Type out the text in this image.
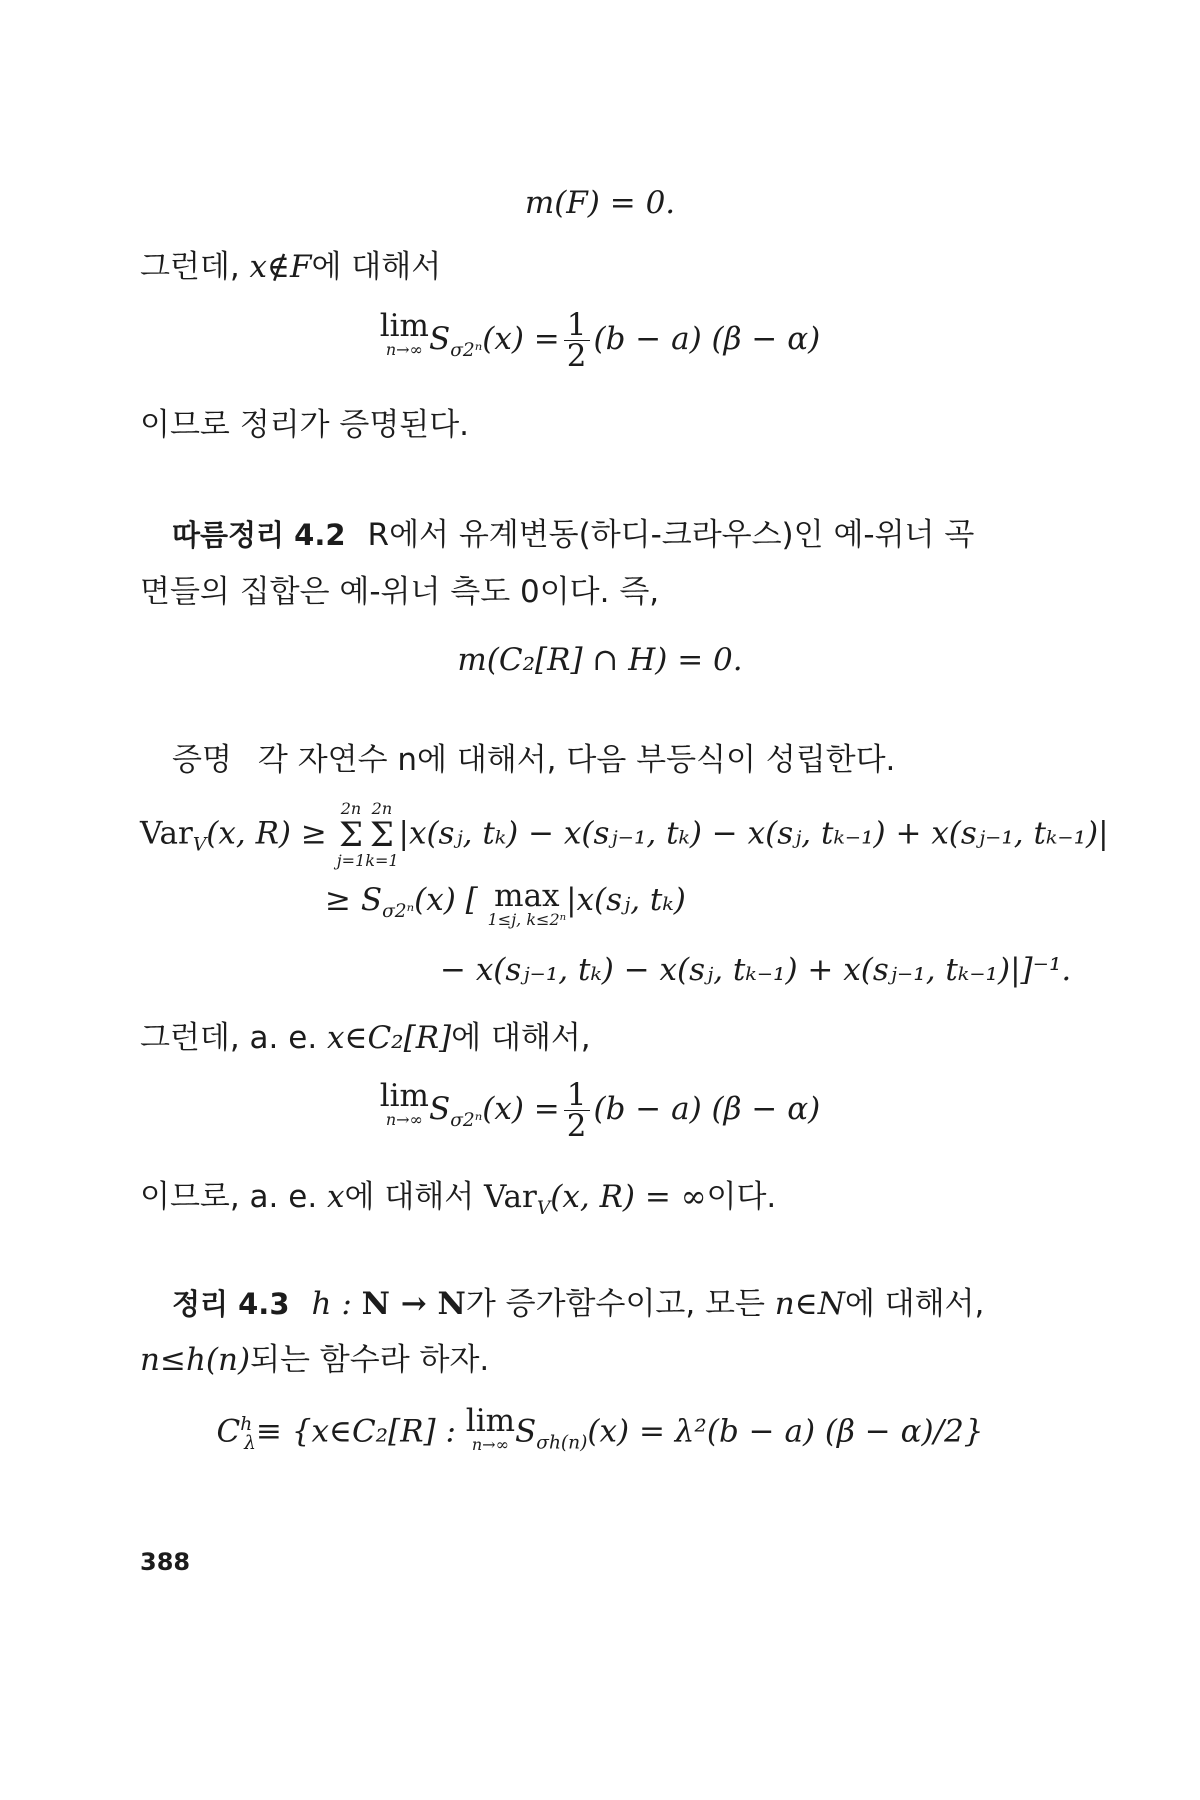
m(F) = 0.
그런데, x∉F에 대해서
lim
n→∞ $S_{\sigma 2^n}(x) = \frac{1}{2} (b - a) (\beta - \alpha)$
이므로 정리가 증명된다.
따름정리 4.2 R에서 유계변동(하디-크라우스)인 예-위너 곡
면들의 집합은 예-위너 측도 0이다. 즉,
m(C₂[R] ∩ H) = 0.
증명 각 자연수 n에 대해서, 다음 부등식이 성립한다.
Var$_V$(x, R) ≥
2n
Σ
j=1
2n
Σ
k=1
|x(sⱼ, tₖ) − x(sⱼ₋₁, tₖ) − x(sⱼ, tₖ₋₁) + x(sⱼ₋₁, tₖ₋₁)|
≥ $S_{\sigma 2^n}(x)$ [ max
1≤j, k≤2ⁿ
|x(sⱼ, tₖ)
− x(sⱼ₋₁, tₖ) − x(sⱼ, tₖ₋₁) + x(sⱼ₋₁, tₖ₋₁)|]⁻¹.
그런데, a. e. x∈C₂[R]에 대해서,
lim
n→∞ $S_{\sigma 2^n}(x) = \frac{1}{2} (b - a) (\beta - \alpha)$
이므로, a. e. x에 대해서 Var$_V$(x, R) = ∞이다.
정리 4.3 h : N → N가 증가함수이고, 모든 n∈N에 대해서,
n≤h(n)되는 함수라 하자.
$C^h_\lambda\equiv$ {x∈C₂[R] : lim
n→∞ $S_{\sigma h(n)}(x) = \lambda^2(b - a) (\beta - \alpha)/2$}
388
